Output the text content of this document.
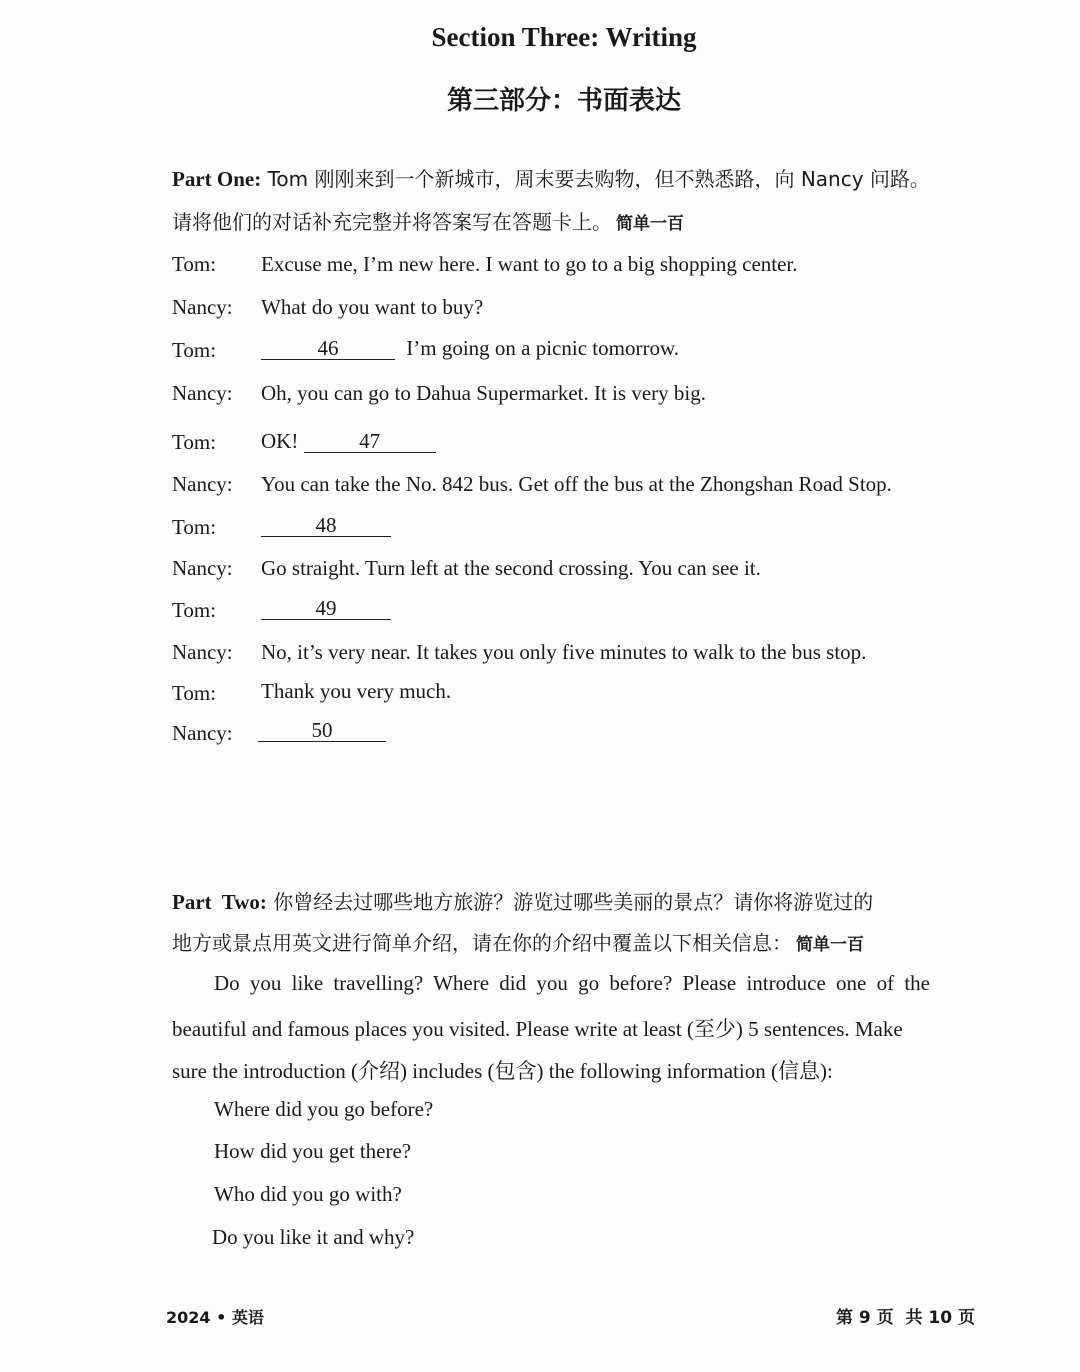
Section Three: Writing
第三部分：书面表达
Part One: Tom 刚刚来到一个新城市，周末要去购物，但不熟悉路，向 Nancy 问路。
请将他们的对话补充完整并将答案写在答题卡上。 简单一百
Tom: Excuse me, I’m new here. I want to go to a big shopping center.
Nancy: What do you want to buy?
Tom:	46	I’m going on a picnic tomorrow.
Nancy: Oh, you can go to Dahua Supermarket. It is very big.
Tom: OK!	47
Nancy: You can take the No. 842 bus. Get off the bus at the Zhongshan Road Stop.
Tom:	48
Nancy: Go straight. Turn left at the second crossing. You can see it.
Tom:	49
Nancy: No, it’s very near. It takes you only five minutes to walk to the bus stop.
Tom: Thank you very much.
Nancy:	50
Part  Two: 你曾经去过哪些地方旅游？游览过哪些美丽的景点？请你将游览过的
地方或景点用英文进行简单介绍，请在你的介绍中覆盖以下相关信息： 简单一百
Do you like travelling? Where did you go before? Please introduce one of the
beautiful and famous places you visited. Please write at least (至少) 5 sentences. Make
sure the introduction (介绍) includes (包含) the following information (信息):
Where did you go before?
How did you get there?
Who did you go with?
Do you like it and why?
2024 • 英语	第 9 页  共 10 页
